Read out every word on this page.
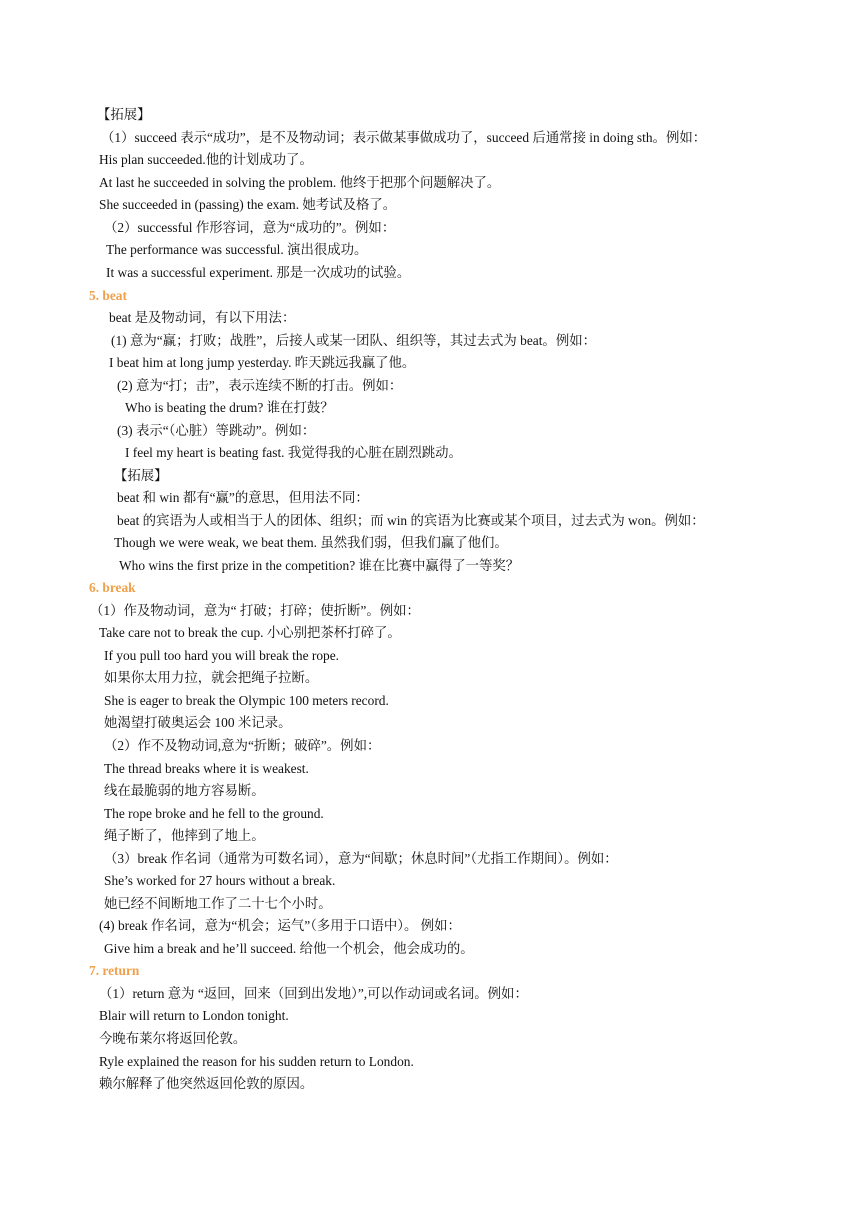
【拓展】
（1）succeed 表示“成功”，是不及物动词；表示做某事做成功了，succeed 后通常接 in doing sth。例如：
His plan succeeded.他的计划成功了。
At last he succeeded in solving the problem. 他终于把那个问题解决了。
She succeeded in (passing) the exam. 她考试及格了。
（2）successful 作形容词，意为“成功的”。例如：
The performance was successful. 演出很成功。
It was a successful experiment. 那是一次成功的试验。
5. beat
beat 是及物动词，有以下用法：
(1) 意为“赢；打败；战胜”，后接人或某一团队、组织等，其过去式为 beat。例如：
I beat him at long jump yesterday. 昨天跳远我赢了他。
(2) 意为“打；击”，表示连续不断的打击。例如：
Who is beating the drum? 谁在打鼓？
(3) 表示“（心脏）等跳动”。例如：
I feel my heart is beating fast. 我觉得我的心脏在剧烈跳动。
【拓展】
beat 和 win 都有“赢”的意思，但用法不同：
beat 的宾语为人或相当于人的团体、组织；而 win 的宾语为比赛或某个项目，过去式为 won。例如：
Though we were weak, we beat them. 虽然我们弱，但我们赢了他们。
Who wins the first prize in the competition? 谁在比赛中赢得了一等奖？
6. break
（1）作及物动词，意为“ 打破；打碎；使折断”。例如：
Take care not to break the cup. 小心别把茶杯打碎了。
If you pull too hard you will break the rope.
如果你太用力拉，就会把绳子拉断。
She is eager to break the Olympic 100 meters record.
她渴望打破奥运会 100 米记录。
（2）作不及物动词,意为“折断；破碎”。例如：
The thread breaks where it is weakest.
线在最脆弱的地方容易断。
The rope broke and he fell to the ground.
绳子断了，他摔到了地上。
（3）break 作名词（通常为可数名词），意为“间歇；休息时间”（尤指工作期间）。例如：
She’s worked for 27 hours without a break.
她已经不间断地工作了二十七个小时。
(4) break 作名词，意为“机会；运气”（多用于口语中）。 例如：
Give him a break and he’ll succeed. 给他一个机会，他会成功的。
7. return
（1）return 意为 “返回，回来（回到出发地）”,可以作动词或名词。例如：
Blair will return to London tonight.
今晚布莱尔将返回伦敦。
Ryle explained the reason for his sudden return to London.
赖尔解释了他突然返回伦敦的原因。
